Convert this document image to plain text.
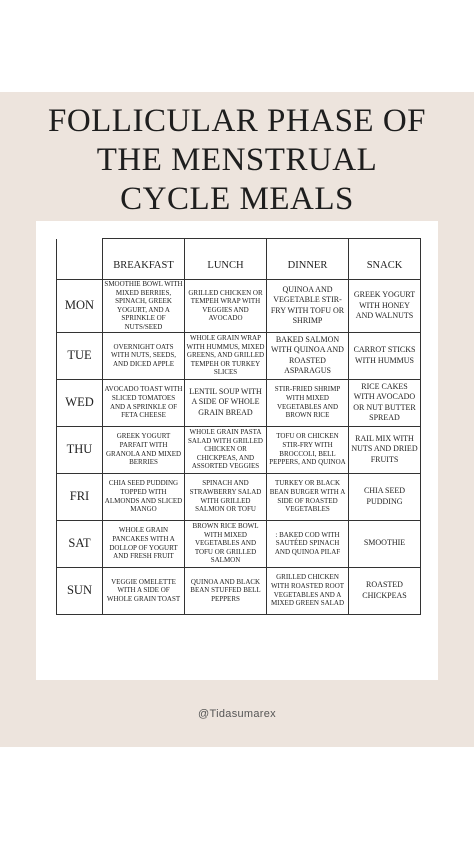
FOLLICULAR PHASE OF
THE MENSTRUAL
CYCLE MEALS
	BREAKFAST	LUNCH	DINNER	SNACK
MON	SMOOTHIE BOWL WITH MIXED BERRIES, SPINACH, GREEK YOGURT, AND A SPRINKLE OF NUTS/SEED	GRILLED CHICKEN OR TEMPEH WRAP WITH VEGGIES AND AVOCADO	QUINOA AND VEGETABLE STIR-FRY WITH TOFU OR SHRIMP	GREEK YOGURT WITH HONEY AND WALNUTS
TUE	OVERNIGHT OATS WITH NUTS, SEEDS, AND DICED APPLE	WHOLE GRAIN WRAP WITH HUMMUS, MIXED GREENS, AND GRILLED TEMPEH OR TURKEY SLICES	BAKED SALMON WITH QUINOA AND ROASTED ASPARAGUS	CARROT STICKS WITH HUMMUS
WED	AVOCADO TOAST WITH SLICED TOMATOES AND A SPRINKLE OF FETA CHEESE	LENTIL SOUP WITH A SIDE OF WHOLE GRAIN BREAD	STIR-FRIED SHRIMP WITH MIXED VEGETABLES AND BROWN RICE	RICE CAKES WITH AVOCADO OR NUT BUTTER SPREAD
THU	GREEK YOGURT PARFAIT WITH GRANOLA AND MIXED BERRIES	WHOLE GRAIN PASTA SALAD WITH GRILLED CHICKEN OR CHICKPEAS, AND ASSORTED VEGGIES	TOFU OR CHICKEN STIR-FRY WITH BROCCOLI, BELL PEPPERS, AND QUINOA	RAIL MIX WITH NUTS AND DRIED FRUITS
FRI	CHIA SEED PUDDING TOPPED WITH ALMONDS AND SLICED MANGO	SPINACH AND STRAWBERRY SALAD WITH GRILLED SALMON OR TOFU	TURKEY OR BLACK BEAN BURGER WITH A SIDE OF ROASTED VEGETABLES	CHIA SEED PUDDING
SAT	WHOLE GRAIN PANCAKES WITH A DOLLOP OF YOGURT AND FRESH FRUIT	BROWN RICE BOWL WITH MIXED VEGETABLES AND TOFU OR GRILLED SALMON	: BAKED COD WITH SAUTÉED SPINACH AND QUINOA PILAF	SMOOTHIE
SUN	VEGGIE OMELETTE WITH A SIDE OF WHOLE GRAIN TOAST	QUINOA AND BLACK BEAN STUFFED BELL PEPPERS	GRILLED CHICKEN WITH ROASTED ROOT VEGETABLES AND A MIXED GREEN SALAD	ROASTED CHICKPEAS
@Tidasumarex
